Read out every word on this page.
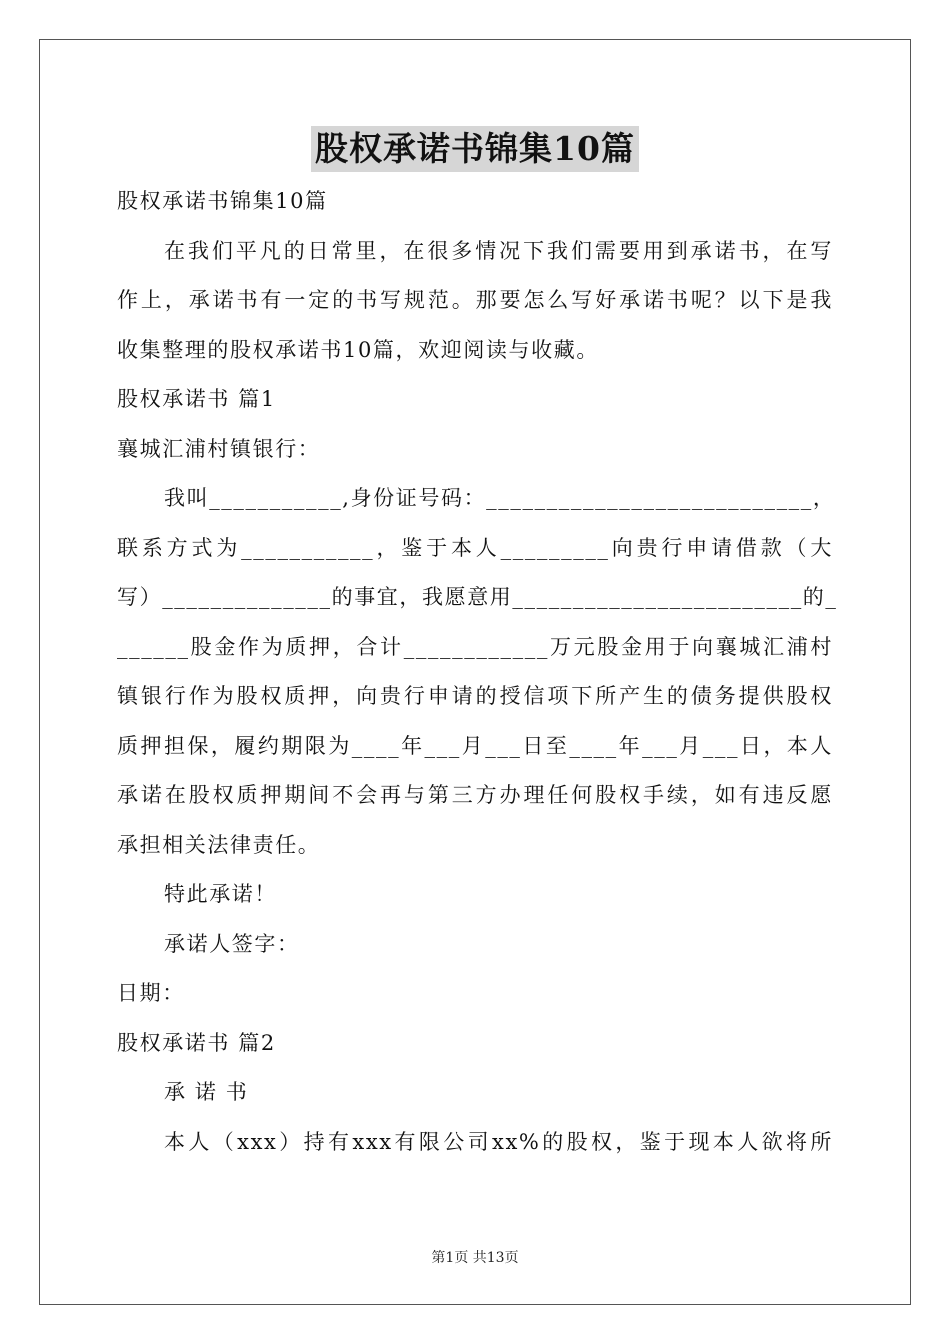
股权承诺书锦集10篇
股权承诺书锦集10篇
在我们平凡的日常里，在很多情况下我们需要用到承诺书，在写
作上，承诺书有一定的书写规范。那要怎么写好承诺书呢？以下是我
收集整理的股权承诺书10篇，欢迎阅读与收藏。
股权承诺书 篇1
襄城汇浦村镇银行：
我叫___________,身份证号码：___________________________，
联系方式为___________，鉴于本人_________向贵行申请借款（大
写）______________的事宜，我愿意用________________________的_
______股金作为质押，合计____________万元股金用于向襄城汇浦村
镇银行作为股权质押，向贵行申请的授信项下所产生的债务提供股权
质押担保，履约期限为____年___月___日至____年___月___日，本人
承诺在股权质押期间不会再与第三方办理任何股权手续，如有违反愿
承担相关法律责任。
特此承诺！
承诺人签字：
日期：
股权承诺书 篇2
承 诺 书
本人（xxx）持有xxx有限公司xx%的股权，鉴于现本人欲将所
第1页 共13页
